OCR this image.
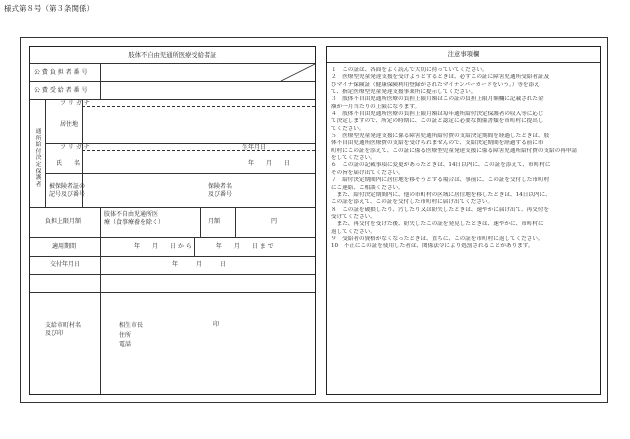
様式第８号（第３条関係）
肢体不自由児通所医療受給者証
公 費 負 担 者 番 号
公 費 受 給 者 番 号
通
所
給
付
決
定
保
護
者
フ リ ガ ナ
居住地
フ リ ガ ナ	生年月日
氏　　名	年　　月　　日
被保険者証の
記号及び番号
保険者名
及び番号
負担上限月額
肢体不自由児通所医
療（食事療養を除く）	月額	円
適用期間	年　　月　　日 か ら　　　　年　　月　　日 ま で
交付年月日	年　　　月　　　日
支給市町村名
及び印
相生市長
住所
電話
印
注意事項欄
１　この証は、各面をよく読んで大切に持っていてください。
２　医療型児童発達支援を受けようとするときは、必ずこの証に障害児通所受給者証及
びマイナ保険証（健康保険利用登録がされたマイナンバーカードをいう。）等を添え
て、指定医療型児童発達支援事業所に提示してください。
３　肢体不自由児通所医療の負担上限月額はこの証の負担上限月額欄に記載された金
額が一月当たりの上限になります。
４　肢体不自由児通所医療の負担上限月額は毎年通所給付決定保護者の収入等に応じ
て決定しますので、所定の時期に、この証と認定に必要な関係書類を市町村に提出し
てください。
５　医療型児童発達支援に係る障害児通所給付費の支給決定期間を経過したときは、肢
体不自由児通所医療費の支給を受けられませんので、支給決定期間を経過する前に市
町村にこの証を添えて、この証に係る医療型児童発達支援に係る障害児通所給付費の支給の再申請
をしてください。
６　この証の記載事項に変更があったときは、14日以内に、この証を添えて、市町村に
その旨を届け出てください。
７　給付決定期間内に居住地を移そうとする場合は、事前に、この証を交付した市町村
にご連絡、ご相談ください。
　また、給付決定期間内に、他の市町村の区域に居住地を移したときは、14日以内に、
この証を添えて、この証を交付した市町村に届け出てください。
８　この証を破損したり、汚したり又は紛失したときは、速やかに届け出て、再交付を
受けてください。
　また、再交付を受けた後、紛失したこの証を発見したときは、速やかに、市町村に
返してください。
９　受給者の資格がなくなったときは、直ちに、この証を市町村に返してください。
10　不正にこの証を使用した者は、関係法令により処罰されることがあります。
